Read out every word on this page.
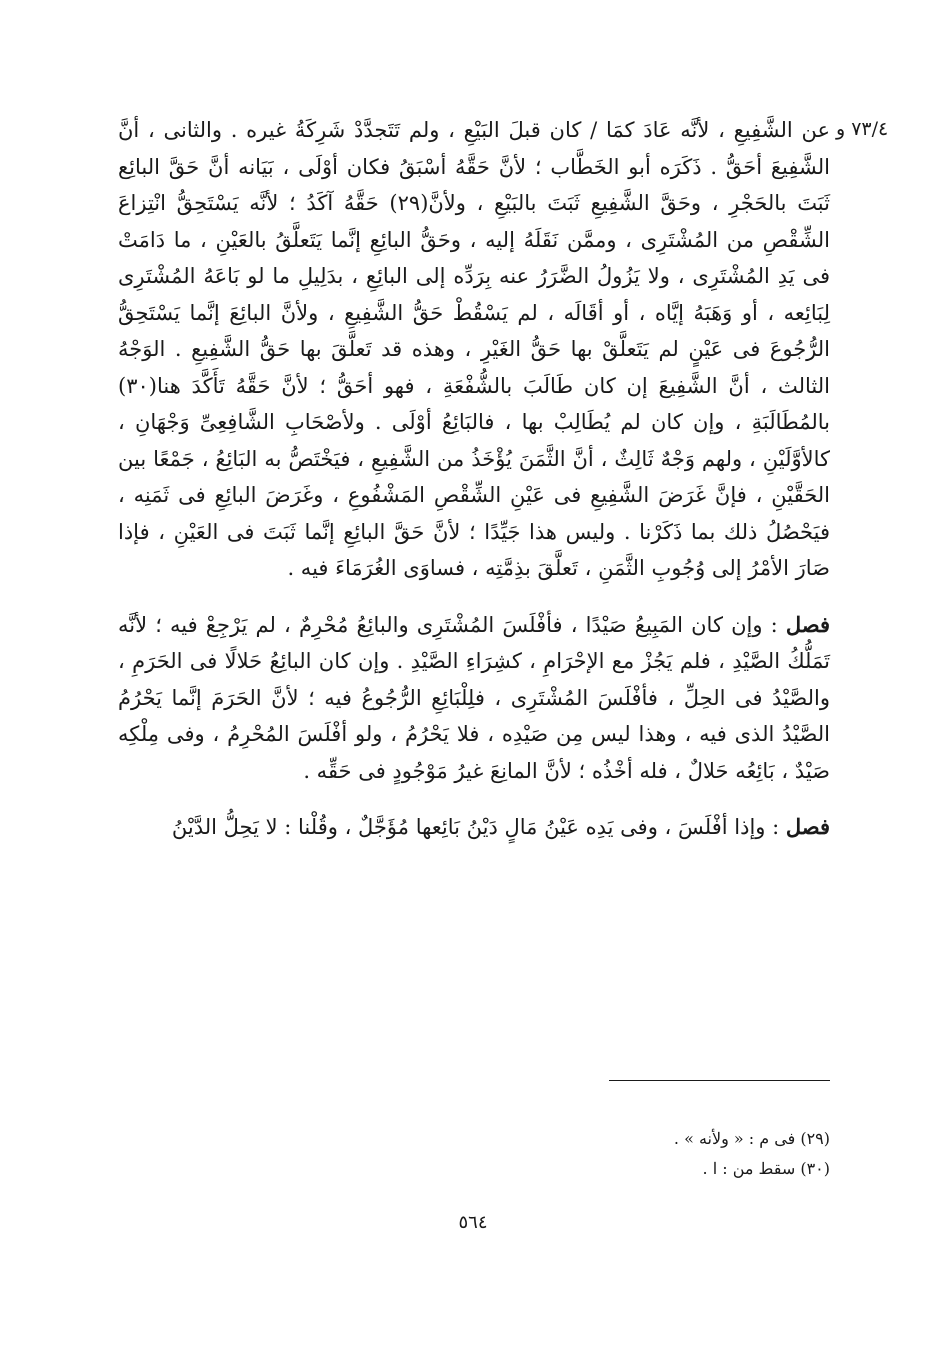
٧٣/٤ و

عن الشَّفِيعِ ، لأنَّه عَادَ كمَا / كان قبلَ البَيْعِ ، ولم تَتَجدَّدْ شَرِكَةُ غيره . والثانى ، أنَّ الشَّفِيعَ أحَقُّ . ذَكَرَه أبو الخَطَّاب ؛ لأنَّ حَقَّهُ أسْبَقُ فكان أوْلَى ، بَيَانه أنَّ حَقَّ البائِع ثَبَتَ بالحَجْرِ ، وحَقَّ الشَّفِيعِ ثَبَتَ بالبَيْعِ ، ولأنَّ(٢٩) حَقَّهُ آكَدُ ؛ لأنَّه يَسْتَحِقُّ انْتِزاعَ الشِّقْصِ من المُشْتَرِى ، وممَّن نَقَلَهُ إليه ، وحَقُّ البائِعِ إنَّما يَتَعلَّقُ بالعَيْنِ ، ما دَامَتْ فى يَدِ المُشْتَرِى ، ولا يَزُولُ الضَّرَرُ عنه بِرَدِّه إلى البائِعِ ، بدَلِيلِ ما لو بَاعَهُ المُشْتَرِى لِبَائِعه ، أو وَهَبَهُ إيَّاه ، أو أقَالَه ، لم يَسْقُطْ حَقُّ الشَّفِيعِ ، ولأنَّ البائِعَ إنَّما يَسْتَحِقُّ الرُّجُوعَ فى عَيْنٍ لم يَتَعلَّقْ بها حَقُّ الغَيْرِ ، وهذه قد تَعلَّقَ بها حَقُّ الشَّفِيعِ . الوَجْهُ الثالث ، أنَّ الشَّفِيعَ إن كان طَالَبَ بالشُّفْعَةِ ، فهو أحَقُّ ؛ لأنَّ حَقَّهُ تَأَكَّدَ هنا(٣٠) بالمُطَالَبَةِ ، وإن كان لم يُطَالِبْ بها ، فالبَائِعُ أوْلَى . ولأصْحَابِ الشَّافِعِىِّ وَجْهَانِ ، كالأوَّلَيْنِ ، ولهم وَجْهٌ ثَالِثٌ ، أنَّ الثَّمَنَ يُؤْخَذُ من الشَّفِيعِ ، فيَخْتَصُّ به البَائِعُ ، جَمْعًا بين الحَقَّيْنِ ، فإنَّ غَرَضَ الشَّفِيعِ فى عَيْنِ الشِّقْصِ المَشْفُوعِ ، وغَرَضَ البائِعِ فى ثَمَنِه ، فيَحْصُلُ ذلك بما ذَكَرْنا . وليس هذا جَيِّدًا ؛ لأنَّ حَقَّ البائِعِ إنَّما ثَبَتَ فى العَيْنِ ، فإذا صَارَ الأمْرُ إلى وُجُوبِ الثَّمَنِ ، تَعلَّقَ بذِمَّتِه ، فساوَى الغُرَمَاءَ فيه .

فصل : وإن كان المَبِيعُ صَيْدًا ، فأفْلَسَ المُشْتَرِى والبائِعُ مُحْرِمٌ ، لم يَرْجِعْ فيه ؛ لأنَّه تَمَلُّكُ الصَّيْدِ ، فلم يَجُزْ مع الإحْرَامِ ، كشِرَاءِ الصَّيْدِ . وإن كان البائِعُ حَلالًا فى الحَرَمِ ، والصَّيْدُ فى الحِلِّ ، فأفْلَسَ المُشْتَرِى ، فلِلْبَائِعِ الرُّجُوعُ فيه ؛ لأنَّ الحَرَمَ إنَّما يَحْرُمُ الصَّيْدُ الذى فيه ، وهذا ليس مِن صَيْدِه ، فلا يَحْرُمُ ، ولو أفْلَسَ المُحْرِمُ ، وفى مِلْكِه صَيْدٌ ، بَائِعُه حَلالٌ ، فله أخْذُه ؛ لأنَّ المانِعَ غيرُ مَوْجُودٍ فى حَقِّه .

فصل : وإذا أفْلَسَ ، وفى يَدِه عَيْنُ مَالٍ دَيْنُ بَائِعها مُؤَجَّلٌ ، وقُلْنا : لا يَحِلُّ الدَّيْنُ

(٢٩) فى م : « ولأنه » .

(٣٠) سقط من : ا .

٥٦٤
